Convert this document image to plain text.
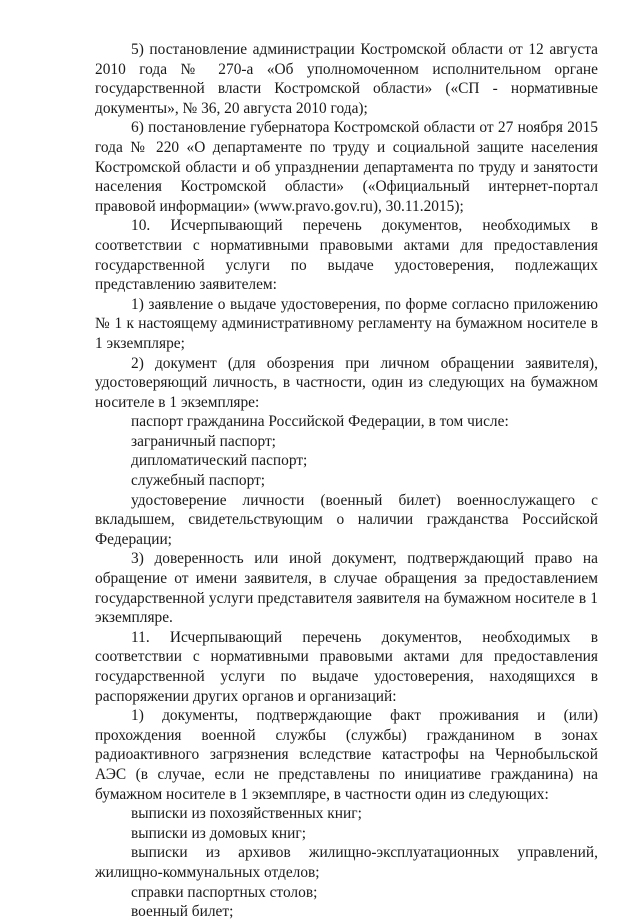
5) постановление администрации Костромской области от 12 августа 2010 года № 270-а «Об уполномоченном исполнительном органе государственной власти Костромской области» («СП - нормативные документы», № 36, 20 августа 2010 года);

6) постановление губернатора Костромской области от 27 ноября 2015 года № 220 «О департаменте по труду и социальной защите населения Костромской области и об упразднении департамента по труду и занятости населения Костромской области» («Официальный интернет-портал правовой информации» (www.pravo.gov.ru), 30.11.2015);

10. Исчерпывающий перечень документов, необходимых в соответствии с нормативными правовыми актами для предоставления государственной услуги по выдаче удостоверения, подлежащих представлению заявителем:

1) заявление о выдаче удостоверения, по форме согласно приложению № 1 к настоящему административному регламенту на бумажном носителе в 1 экземпляре;

2) документ (для обозрения при личном обращении заявителя), удостоверяющий личность, в частности, один из следующих на бумажном носителе в 1 экземпляре:

паспорт гражданина Российской Федерации, в том числе:

заграничный паспорт;

дипломатический паспорт;

служебный паспорт;

удостоверение личности (военный билет) военнослужащего с вкладышем, свидетельствующим о наличии гражданства Российской Федерации;

3) доверенность или иной документ, подтверждающий право на обращение от имени заявителя, в случае обращения за предоставлением государственной услуги представителя заявителя на бумажном носителе в 1 экземпляре.

11. Исчерпывающий перечень документов, необходимых в соответствии с нормативными правовыми актами для предоставления государственной услуги по выдаче удостоверения, находящихся в распоряжении других органов и организаций:

1) документы, подтверждающие факт проживания и (или) прохождения военной службы (службы) гражданином в зонах радиоактивного загрязнения вследствие катастрофы на Чернобыльской АЭС (в случае, если не представлены по инициативе гражданина) на бумажном носителе в 1 экземпляре, в частности один из следующих:

выписки из похозяйственных книг;

выписки из домовых книг;

выписки из архивов жилищно-эксплуатационных управлений, жилищно-коммунальных отделов;

справки паспортных столов;

военный билет;
